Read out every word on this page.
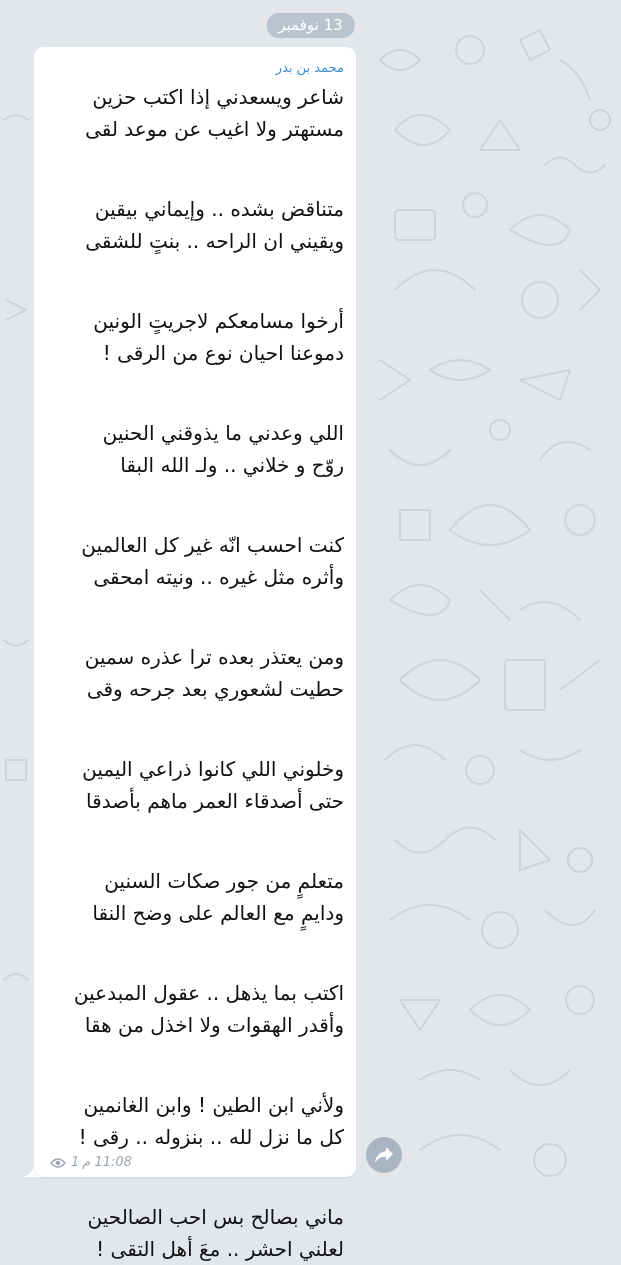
13 نوفمبر
محمد بن بدر
شاعر ويسعدني إذا اكتب حزين
مستهتر ولا اغيب عن موعد لقى
متناقض بشده .. وإيماني بيقين
ويقيني ان الراحه .. بنتٍ للشقى
أرخوا مسامعكم لاجريتٍ الونين
دموعنا احيان نوع من الرقى !
اللي وعدني ما يذوقني الحنين
روّح و خلاني .. ولـ الله البقا
كنت احسب انّه غير كل العالمين
وأثره مثل غيره .. ونيته امحقى
ومن يعتذر بعده ترا عذره سمين
حطيت لشعوري بعد جرحه وقى
وخلوني اللي كانوا ذراعي اليمين
حتى أصدقاء العمر ماهم بأصدقا
متعلمٍ من جور صكات السنين
ودايمٍ مع العالم على وضح النقا
اكتب بما يذهل .. عقول المبدعين
وأقدر الهقوات ولا اخذل من هقا
ولأني ابن الطين ! وابن الغانمين
كل ما نزل لله .. بنزوله .. رقى !
ماني بصالح بس احب الصالحين
لعلني احشر .. معَ أهل التقى !
1 11:08 م
